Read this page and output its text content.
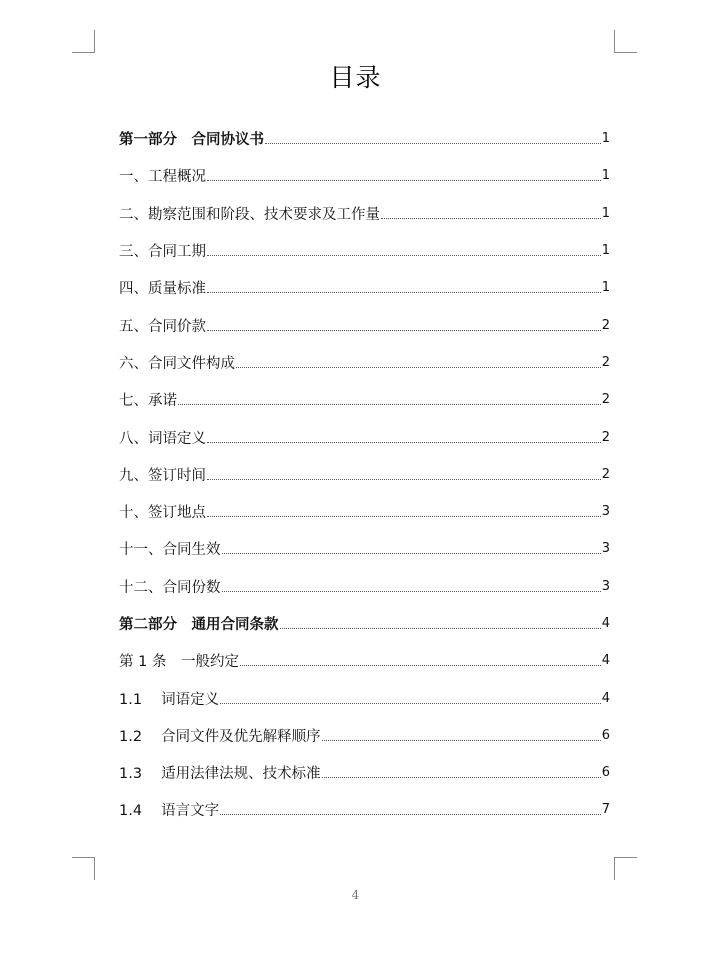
目录
第一部分　合同协议书	1
一、工程概况	1
二、勘察范围和阶段、技术要求及工作量	1
三、合同工期	1
四、质量标准	1
五、合同价款	2
六、合同文件构成	2
七、承诺	2
八、词语定义	2
九、签订时间	2
十、签订地点	3
十一、合同生效	3
十二、合同份数	3
第二部分　通用合同条款	4
第 1 条　一般约定	4
1.1　 词语定义	4
1.2　 合同文件及优先解释顺序	6
1.3　 适用法律法规、技术标准	6
1.4　 语言文字	7
4
